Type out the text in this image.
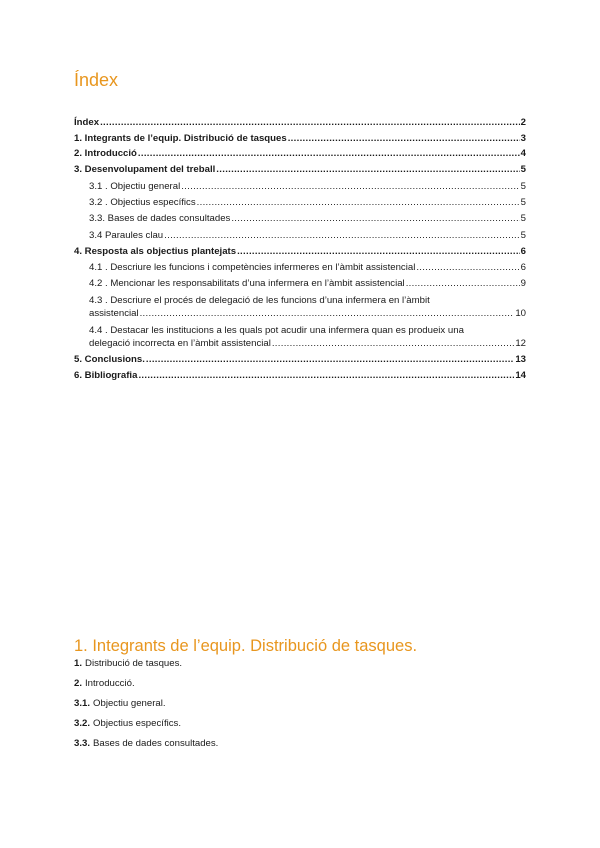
Índex
Índex .....	2
1. Integrants de l’equip. Distribució de tasques .....	3
2. Introducció .....	4
3. Desenvolupament del treball .....	5
3.1 . Objectiu general .....	5
3.2 . Objectius específics .....	5
3.3. Bases de dades consultades .....	5
3.4 Paraules clau .....	5
4. Resposta als objectius plantejats .....	6
4.1 . Descriure les funcions i competències infermeres en l’àmbit assistencial .....	6
4.2 . Mencionar les responsabilitats d’una infermera en l’àmbit assistencial .....	9
4.3 . Descriure el procés de delegació de les funcions d’una infermera en l’àmbit
assistencial .....	10
4.4 . Destacar les institucions a les quals pot acudir una infermera quan es produeix una
delegació incorrecta en l’àmbit assistencial .....	12
5. Conclusions. .....	13
6. Bibliografia .....	14
1. Integrants de l’equip. Distribució de tasques.
1. Distribució de tasques.
2. Introducció.
3.1. Objectiu general.
3.2. Objectius específics.
3.3. Bases de dades consultades.
